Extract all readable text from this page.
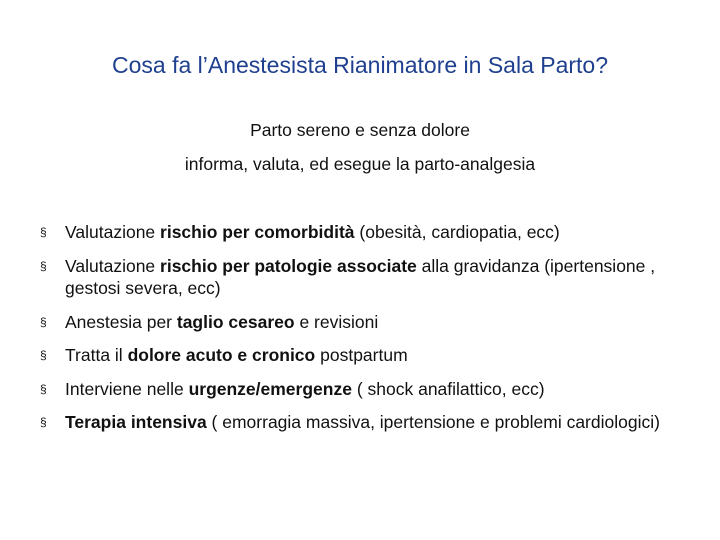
Cosa fa l’Anestesista Rianimatore in Sala Parto?
Parto sereno e senza dolore
informa, valuta, ed esegue la parto-analgesia
§ Valutazione rischio per comorbidità (obesità, cardiopatia, ecc)
§ Valutazione rischio per patologie associate alla gravidanza (ipertensione , gestosi severa, ecc)
§ Anestesia per taglio cesareo e revisioni
§ Tratta il dolore acuto e cronico postpartum
§ Interviene nelle urgenze/emergenze ( shock anafilattico, ecc)
§ Terapia intensiva ( emorragia massiva, ipertensione e problemi cardiologici)
